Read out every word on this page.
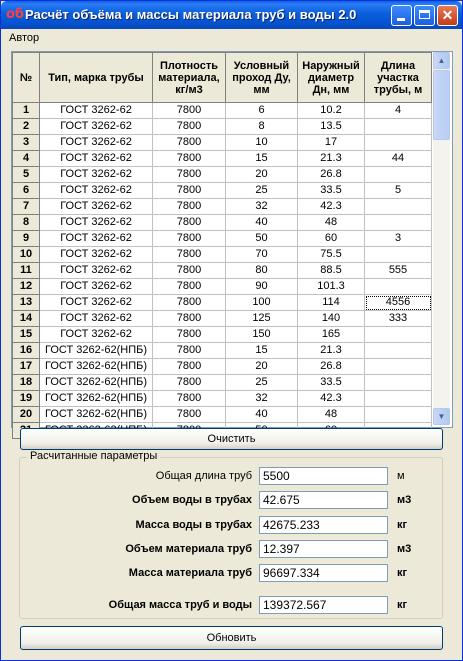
об Расчёт объёма и массы материала труб и воды 2.0	✕
Автор
№	Тип, марка трубы	Плотность материала, кг/м3	Условный проход Ду, мм	Наружный диаметр Дн, мм	Длина участка трубы, м
1	ГОСТ 3262-62	7800	6	10.2	4
2	ГОСТ 3262-62	7800	8	13.5	
3	ГОСТ 3262-62	7800	10	17	
4	ГОСТ 3262-62	7800	15	21.3	44
5	ГОСТ 3262-62	7800	20	26.8	
6	ГОСТ 3262-62	7800	25	33.5	5
7	ГОСТ 3262-62	7800	32	42.3	
8	ГОСТ 3262-62	7800	40	48	
9	ГОСТ 3262-62	7800	50	60	3
10	ГОСТ 3262-62	7800	70	75.5	
11	ГОСТ 3262-62	7800	80	88.5	555
12	ГОСТ 3262-62	7800	90	101.3	
13	ГОСТ 3262-62	7800	100	114	4556
14	ГОСТ 3262-62	7800	125	140	333
15	ГОСТ 3262-62	7800	150	165	
16	ГОСТ 3262-62(НПБ)	7800	15	21.3	
17	ГОСТ 3262-62(НПБ)	7800	20	26.8	
18	ГОСТ 3262-62(НПБ)	7800	25	33.5	
19	ГОСТ 3262-62(НПБ)	7800	32	42.3	
20	ГОСТ 3262-62(НПБ)	7800	40	48	

▲
▼
Очистить
Расчитанные параметры
Общая длина труб 5500	м
Объем воды в трубах 42.675	м3
Масса воды в трубах 42675.233	кг
Объем материала труб 12.397	м3
Масса материала труб 96697.334	кг
Общая масса труб и воды 139372.567	кг
Обновить
